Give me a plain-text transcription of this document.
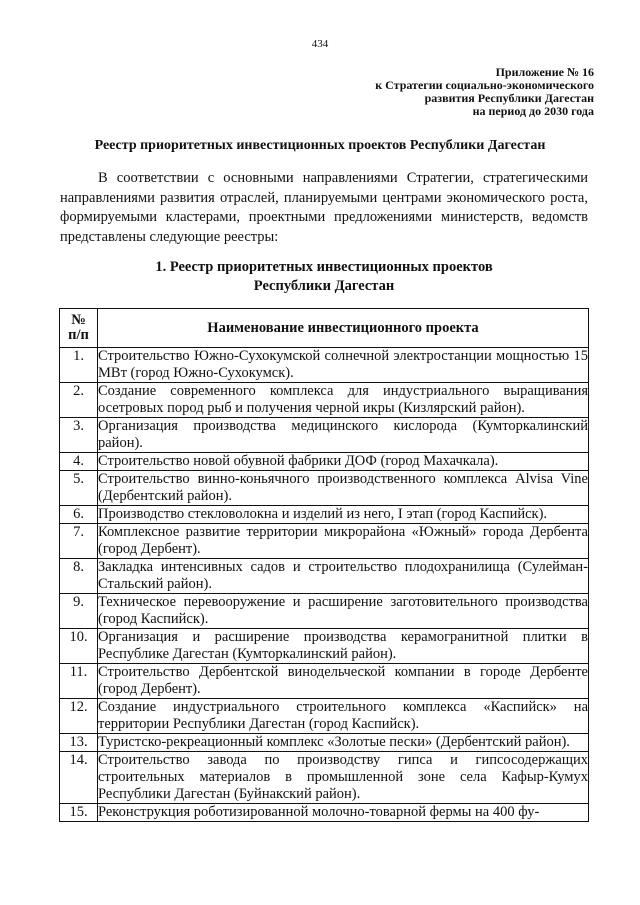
434
Приложение № 16
к Стратегии социально-экономического
развития Республики Дагестан
на период до 2030 года
Реестр приоритетных инвестиционных проектов Республики Дагестан

В соответствии с основными направлениями Стратегии, стратегическими направлениями развития отраслей, планируемыми центрами экономического роста, формируемыми кластерами, проектными предложениями министерств, ведомств представлены следующие реестры:

1. Реестр приоритетных инвестиционных проектов
Республики Дагестан
№
п/п	Наименование инвестиционного проекта
1.	Строительство Южно-Сухокумской солнечной электростанции мощностью 15 МВт (город Южно-Сухокумск).
2.	Создание современного комплекса для индустриального выращивания осетровых пород рыб и получения черной икры (Кизлярский район).
3.	Организация производства медицинского кислорода (Кумторкалинский район).
4.	Строительство новой обувной фабрики ДОФ (город Махачкала).
5.	Строительство винно-коньячного производственного комплекса Alvisa Vine (Дербентский район).
6.	Производство стекловолокна и изделий из него, I этап (город Каспийск).
7.	Комплексное развитие территории микрорайона «Южный» города Дербента (город Дербент).
8.	Закладка интенсивных садов и строительство плодохранилища (Сулейман-Стальский район).
9.	Техническое перевооружение и расширение заготовительного производства (город Каспийск).
10.	Организация и расширение производства керамогранитной плитки в Республике Дагестан (Кумторкалинский район).
11.	Строительство Дербентской винодельческой компании в городе Дербенте (город Дербент).
12.	Создание индустриального строительного комплекса «Каспийск» на территории Республики Дагестан (город Каспийск).
13.	Туристско-рекреационный комплекс «Золотые пески» (Дербентский район).
14.	Строительство завода по производству гипса и гипсосодержащих строительных материалов в промышленной зоне села Кафыр-Кумух Республики Дагестан (Буйнакский район).
15.	Реконструкция роботизированной молочно-товарной фермы на 400 фу-
